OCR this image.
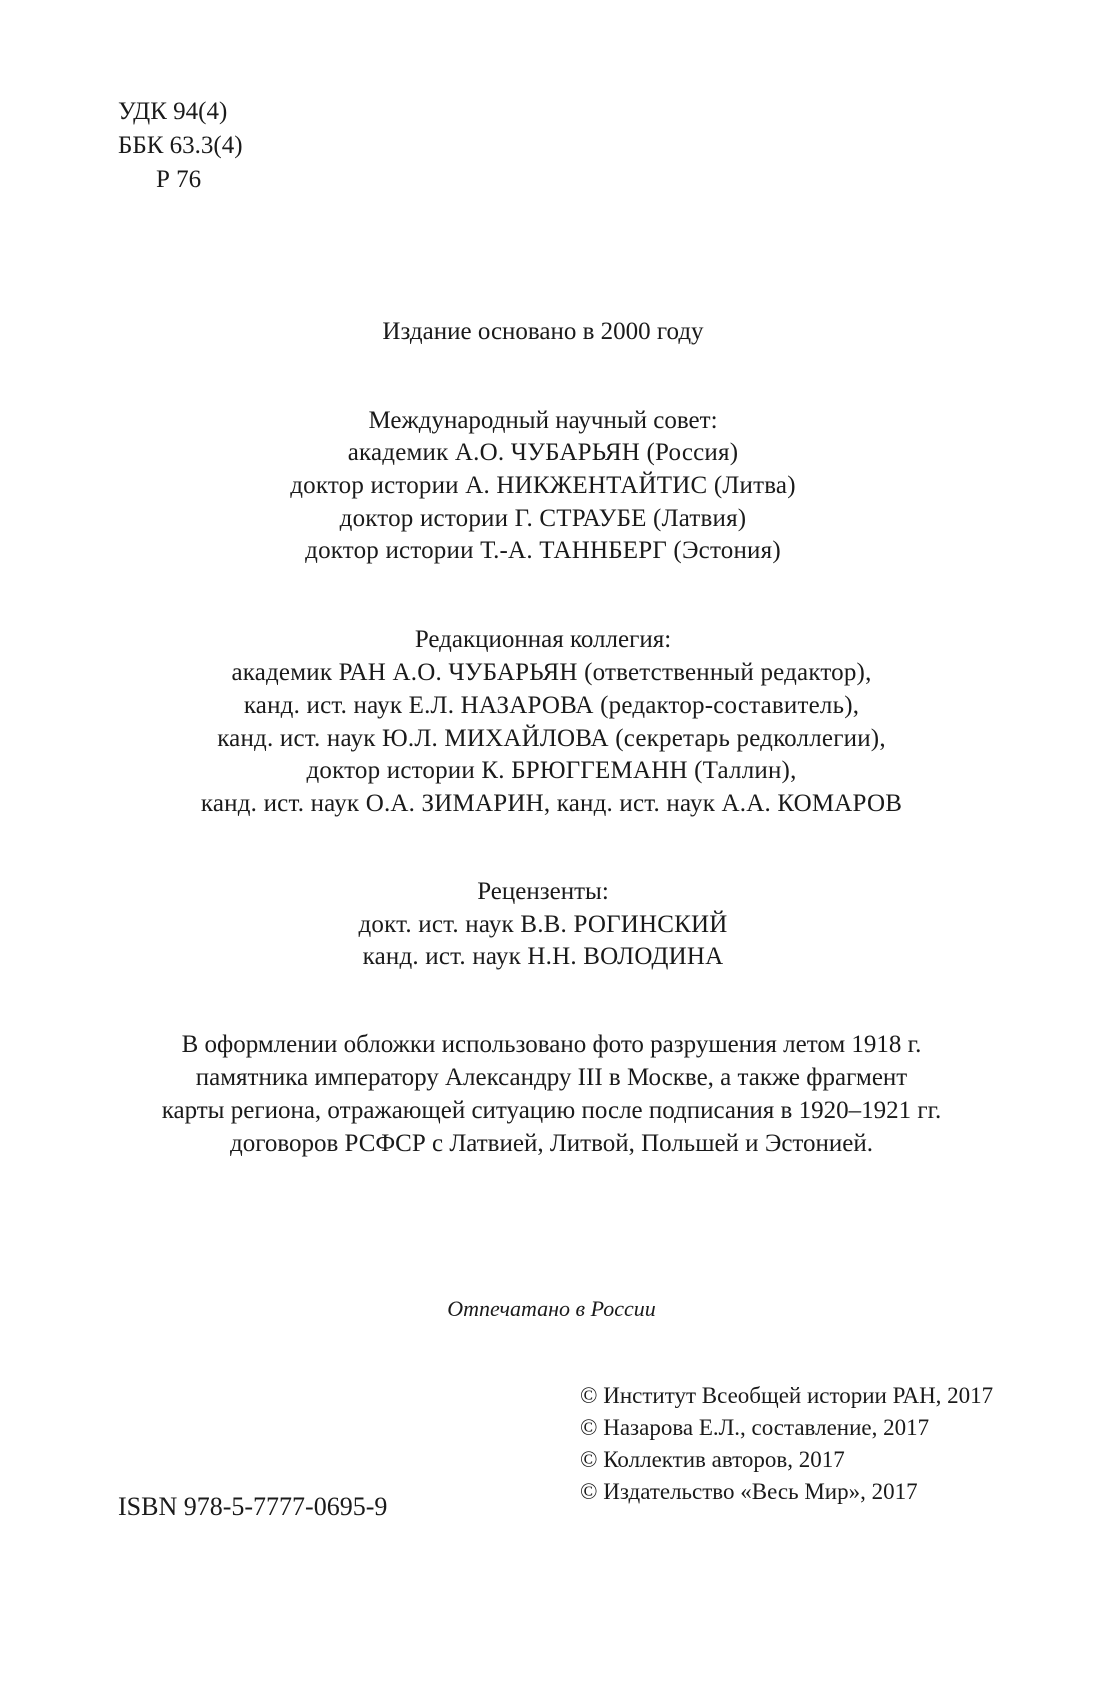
УДК 94(4)

ББК 63.3(4)

Р 76

Издание основано в 2000 году

Международный научный совет:

академик А.О. ЧУБАРЬЯН (Россия)

доктор истории А. НИКЖЕНТАЙТИС (Литва)

доктор истории Г. СТРАУБЕ (Латвия)

доктор истории Т.-А. ТАННБЕРГ (Эстония)

Редакционная коллегия:

академик РАН А.О. ЧУБАРЬЯН (ответственный редактор),

канд. ист. наук Е.Л. НАЗАРОВА (редактор-составитель),

канд. ист. наук Ю.Л. МИХАЙЛОВА (секретарь редколлегии),

доктор истории К. БРЮГГЕМАНН (Таллин),

канд. ист. наук О.А. ЗИМАРИН, канд. ист. наук А.А. КОМАРОВ

Рецензенты:

докт. ист. наук В.В. РОГИНСКИЙ

канд. ист. наук Н.Н. ВОЛОДИНА

В оформлении обложки использовано фото разрушения летом 1918 г.

памятника императору Александру III в Москве, а также фрагмент

карты региона, отражающей ситуацию после подписания в 1920–1921 гг.

договоров РСФСР с Латвией, Литвой, Польшей и Эстонией.

Отпечатано в России

ISBN 978-5-7777-0695-9

© Институт Всеобщей истории РАН, 2017

© Назарова Е.Л., составление, 2017

© Коллектив авторов, 2017

© Издательство «Весь Мир», 2017
